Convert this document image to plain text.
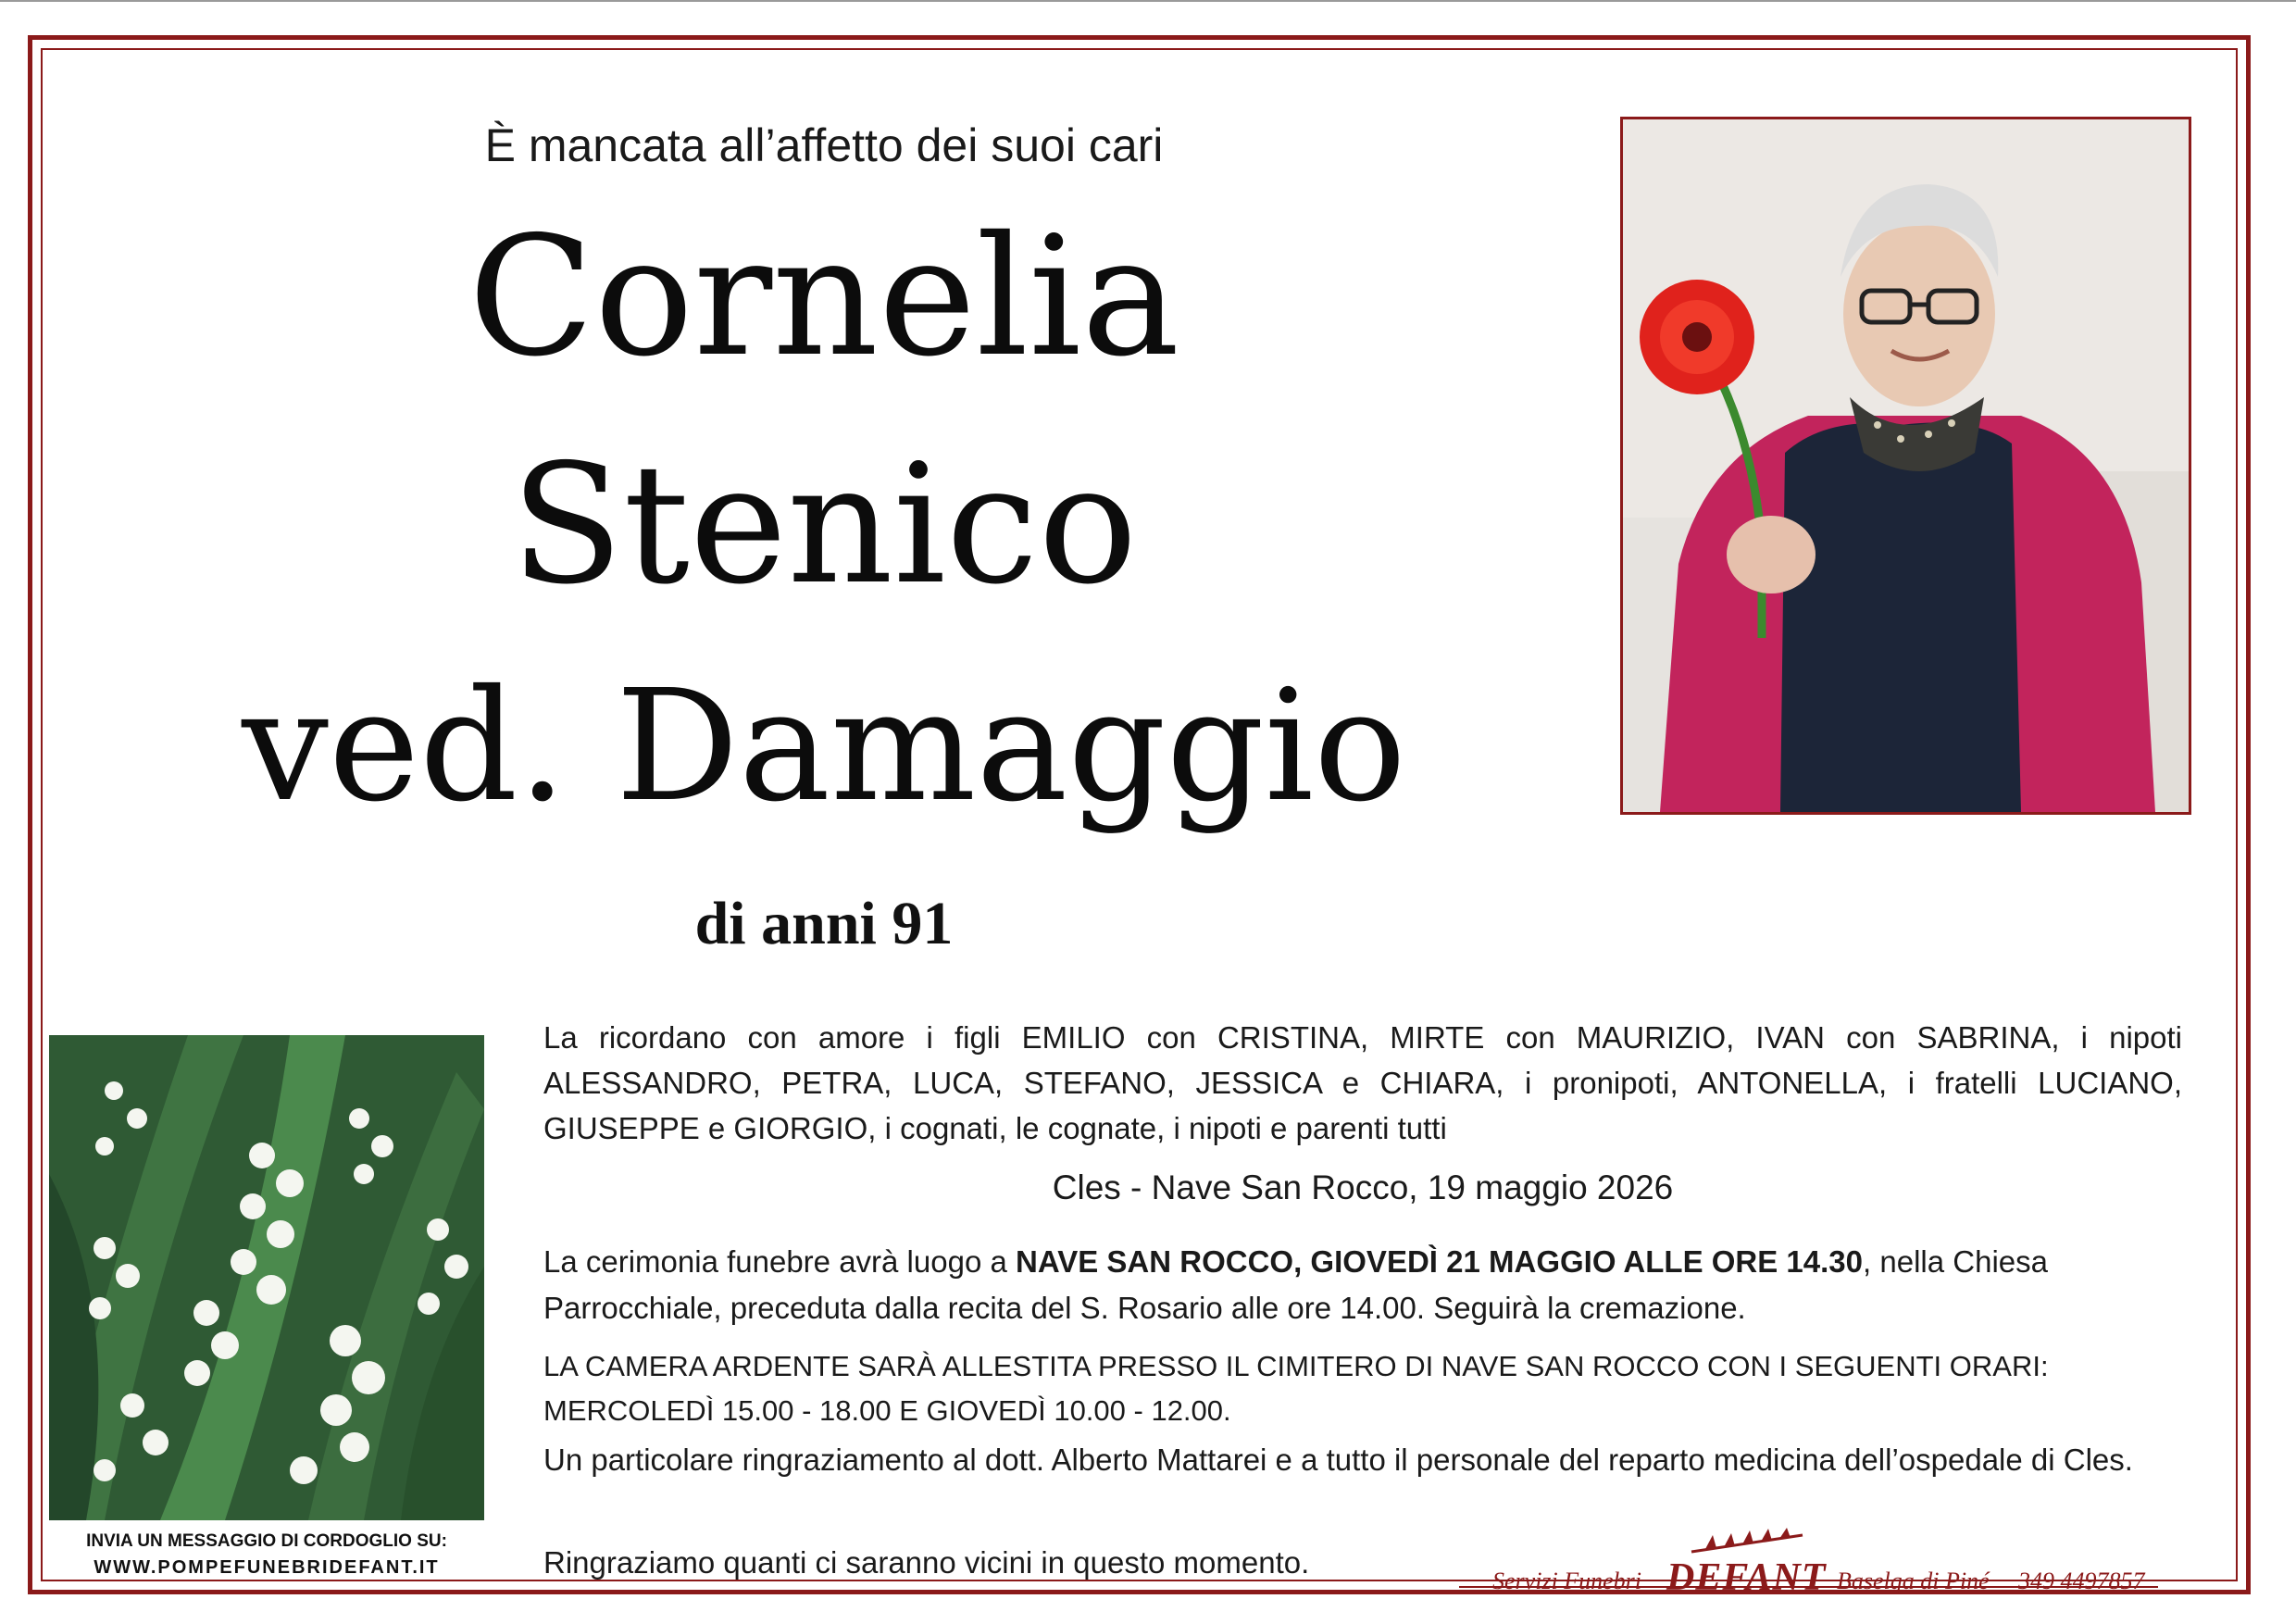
È mancata all’affetto dei suoi cari
Cornelia
Stenico
ved. Damaggio
di anni 91
INVIA UN MESSAGGIO DI CORDOGLIO SU:
WWW.POMPEFUNEBRIDEFANT.IT
La ricordano con amore i figli EMILIO con CRISTINA, MIRTE con MAURIZIO, IVAN con SABRINA, i nipoti ALESSANDRO, PETRA, LUCA, STEFANO, JESSICA e CHIARA, i pronipoti, ANTONELLA, i fratelli LUCIANO, GIUSEPPE e GIORGIO, i cognati, le cognate, i nipoti e parenti tutti
Cles - Nave San Rocco, 19 maggio 2026
La cerimonia funebre avrà luogo a NAVE SAN ROCCO, GIOVEDÌ 21 MAGGIO ALLE ORE 14.30, nella Chiesa Parrocchiale, preceduta dalla recita del S. Rosario alle ore 14.00. Seguirà la cremazione.
LA CAMERA ARDENTE SARÀ ALLESTITA PRESSO IL CIMITERO DI NAVE SAN ROCCO CON I SEGUENTI ORARI: MERCOLEDÌ 15.00 - 18.00 E GIOVEDÌ 10.00 - 12.00.
Un particolare ringraziamento al dott. Alberto Mattarei e a tutto il personale del reparto medicina dell’ospedale di Cles.
Ringraziamo quanti ci saranno vicini in questo momento.
Servizi Funebri DEFANT Baselga di Piné 349 4497857
